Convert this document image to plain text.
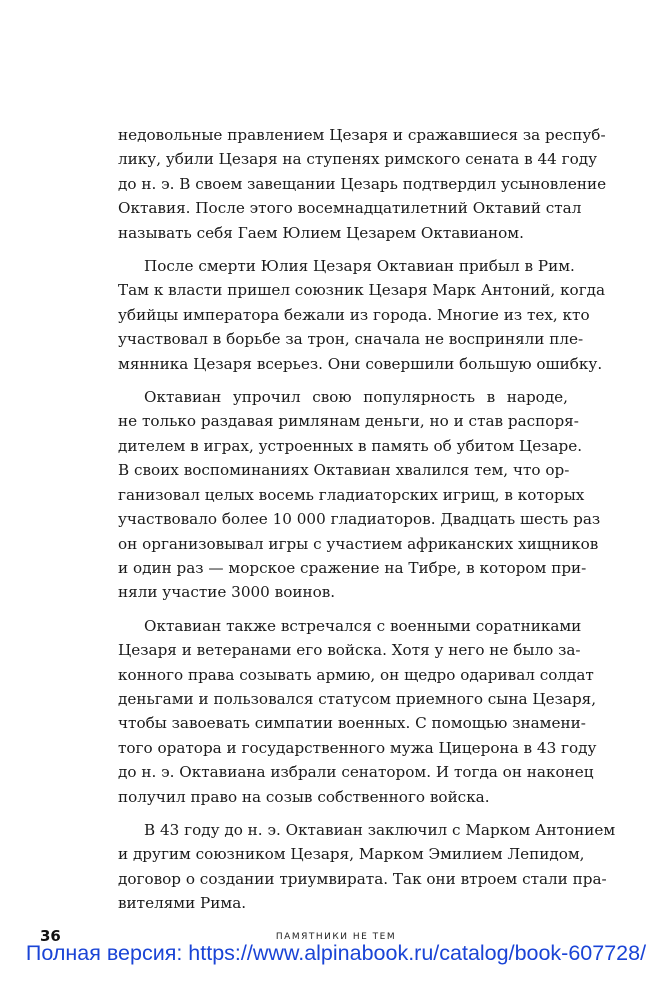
недовольные правлением Цезаря и сражавшиеся за респуб-
лику, убили Цезаря на ступенях римского сената в 44 году
до н. э. В своем завещании Цезарь подтвердил усыновление
Октавия. После этого восемнадцатилетний Октавий стал
называть себя Гаем Юлием Цезарем Октавианом.

После смерти Юлия Цезаря Октавиан прибыл в Рим.
Там к власти пришел союзник Цезаря Марк Антоний, когда
убийцы императора бежали из города. Многие из тех, кто
участвовал в борьбе за трон, сначала не восприняли пле-
мянника Цезаря всерьез. Они совершили большую ошибку.

Октавиан упрочил свою популярность в народе,
не только раздавая римлянам деньги, но и став распоря-
дителем в играх, устроенных в память об убитом Цезаре.
В своих воспоминаниях Октавиан хвалился тем, что ор-
ганизовал целых восемь гладиаторских игрищ, в которых
участвовало более 10 000 гладиаторов. Двадцать шесть раз
он организовывал игры с участием африканских хищников
и один раз — морское сражение на Тибре, в котором при-
няли участие 3000 воинов.

Октавиан также встречался с военными соратниками
Цезаря и ветеранами его войска. Хотя у него не было за-
конного права созывать армию, он щедро одаривал солдат
деньгами и пользовался статусом приемного сына Цезаря,
чтобы завоевать симпатии военных. С помощью знамени-
того оратора и государственного мужа Цицерона в 43 году
до н. э. Октавиана избрали сенатором. И тогда он наконец
получил право на созыв собственного войска.

В 43 году до н. э. Октавиан заключил с Марком Антонием
и другим союзником Цезаря, Марком Эмилием Лепидом,
договор о создании триумвирата. Так они втроем стали пра-
вителями Рима.

36	ПАМЯТНИКИ НЕ ТЕМ
Полная версия: https://www.alpinabook.ru/catalog/book-607728/
